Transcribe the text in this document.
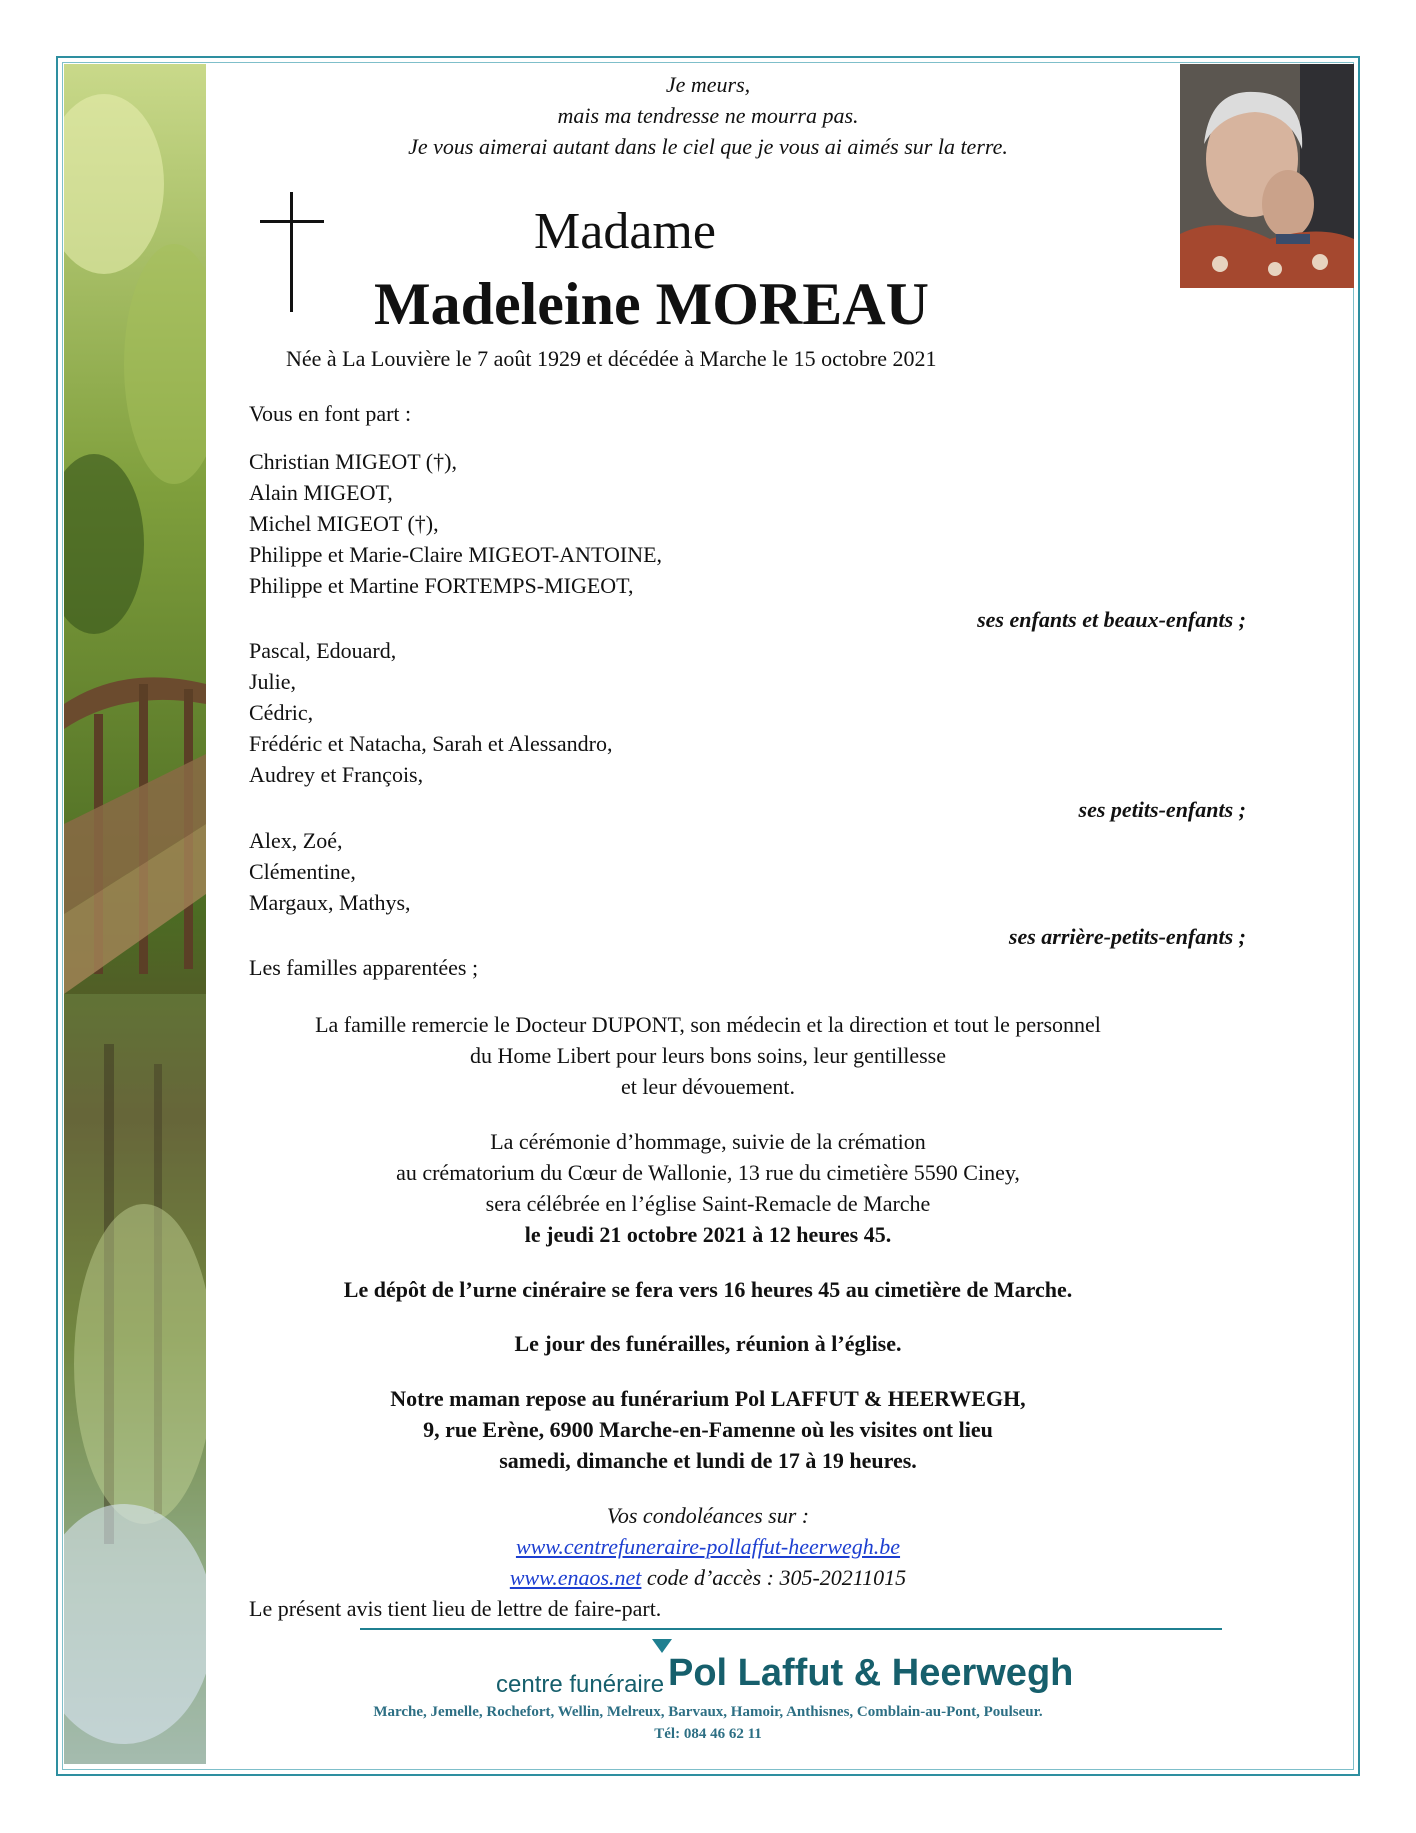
Je meurs,
mais ma tendresse ne mourra pas.
Je vous aimerai autant dans le ciel que je vous ai aimés sur la terre.
Madame
Madeleine MOREAU
Née à La Louvière le 7 août 1929 et décédée à Marche le 15 octobre 2021
Vous en font part :
Christian MIGEOT (†),
Alain MIGEOT,
Michel MIGEOT (†),
Philippe et Marie-Claire MIGEOT-ANTOINE,
Philippe et Martine FORTEMPS-MIGEOT,
ses enfants et beaux-enfants ;
Pascal, Edouard,
Julie,
Cédric,
Frédéric et Natacha, Sarah et Alessandro,
Audrey et François,
ses petits-enfants ;
Alex, Zoé,
Clémentine,
Margaux, Mathys,
ses arrière-petits-enfants ;
Les familles apparentées ;
La famille remercie le Docteur DUPONT, son médecin et la direction et tout le personnel
du Home Libert pour leurs bons soins, leur gentillesse
et leur dévouement.
La cérémonie d’hommage, suivie de la crémation
au crématorium du Cœur de Wallonie, 13 rue du cimetière 5590 Ciney,
sera célébrée en l’église Saint-Remacle de Marche
le jeudi 21 octobre 2021 à 12 heures 45.
Le dépôt de l’urne cinéraire se fera vers 16 heures 45 au cimetière de Marche.
Le jour des funérailles, réunion à l’église.
Notre maman repose au funérarium Pol LAFFUT & HEERWEGH,
9, rue Erène, 6900 Marche-en-Famenne où les visites ont lieu
samedi, dimanche et lundi de 17 à 19 heures.
Vos condoléances sur :
www.centrefuneraire-pollaffut-heerwegh.be
www.enaos.net code d’accès : 305-20211015
Le présent avis tient lieu de lettre de faire-part.
centre funéraire Pol Laffut & Heerwegh
Marche, Jemelle, Rochefort, Wellin, Melreux, Barvaux, Hamoir, Anthisnes, Comblain-au-Pont, Poulseur.
Tél: 084 46 62 11
